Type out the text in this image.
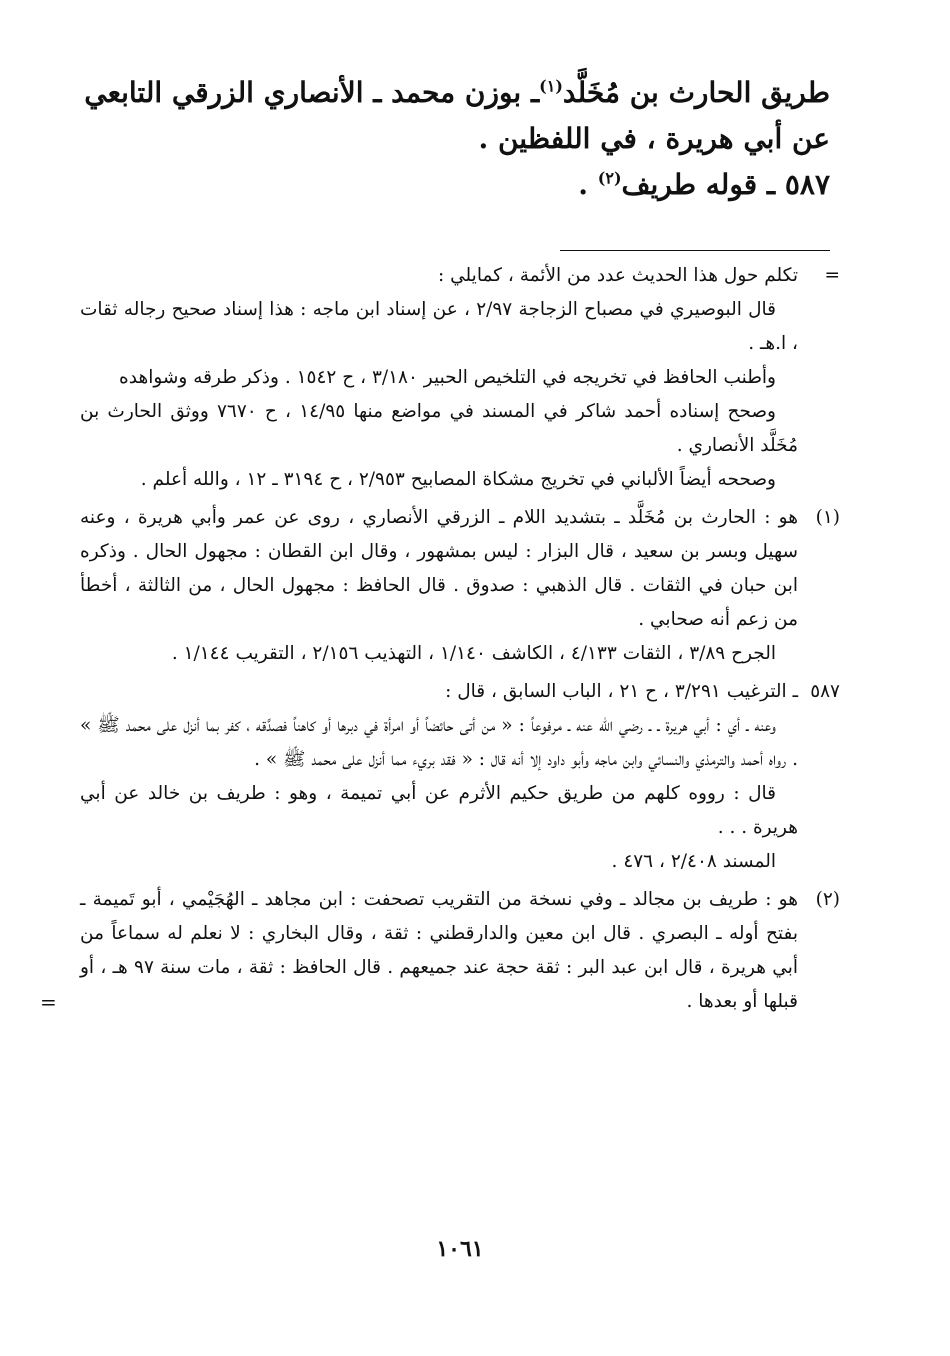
طريق الحارث بن مُخَلَّد$^{(١)}$ـ بوزن محمد ـ الأنصاري الزرقي التابعي

عن أبي هريرة ، في اللفظين .

٥٨٧ ـ قوله طريف$^{(٢)}$ .

=

تكلم حول هذا الحديث عدد من الأئمة ، كمايلي :

قال البوصيري في مصباح الزجاجة ٢/٩٧ ، عن إسناد ابن ماجه : هذا إسناد صحيح رجاله ثقات ، ا.هـ .

وأطنب الحافظ في تخريجه في التلخيص الحبير ٣/١٨٠ ، ح ١٥٤٢ . وذكر طرقه وشواهده

وصحح إسناده أحمد شاكر في المسند في مواضع منها ١٤/٩٥ ، ح ٧٦٧٠ ووثق الحارث بن مُخَلَّد الأنصاري .

وصححه أيضاً الألباني في تخريج مشكاة المصابيح ٢/٩٥٣ ، ح ٣١٩٤ ـ ١٢ ، والله أعلم .

(١)

هو : الحارث بن مُخَلَّد ـ بتشديد اللام ـ الزرقي الأنصاري ، روى عن عمر وأبي هريرة ، وعنه سهيل وبسر بن سعيد ، قال البزار : ليس بمشهور ، وقال ابن القطان : مجهول الحال . وذكره ابن حبان في الثقات . قال الذهبي : صدوق . قال الحافظ : مجهول الحال ، من الثالثة ، أخطأ من زعم أنه صحابي .

الجرح ٣/٨٩ ، الثقات ٤/١٣٣ ، الكاشف ١/١٤٠ ، التهذيب ٢/١٥٦ ، التقريب ١/١٤٤ .

٥٨٧

ـ الترغيب ٣/٢٩١ ، ح ٢١ ، الباب السابق ، قال :

وعنه ـ أي : أبي هريرة ـ ـ رضي الله عنه ـ مرفوعاً : « من أتى حائضاً أو امرأة في دبرها أو كاهناً فصدَّقه ، كفر بما أنزل على محمد ﷺ » . رواه أحمد والترمذي والنسائي وابن ماجه وأبو داود إلا أنه قال : « فقد بريء مما أنزل على محمد ﷺ » .

قال : رووه كلهم من طريق حكيم الأثرم عن أبي تميمة ، وهو : طريف بن خالد عن أبي هريرة . . .

المسند ٢/٤٠٨ ، ٤٧٦ .

(٢)

هو : طريف بن مجالد ـ وفي نسخة من التقريب تصحفت : ابن مجاهد ـ الهُجَيْمي ، أبو تَميمة ـ بفتح أوله ـ البصري . قال ابن معين والدارقطني : ثقة ، وقال البخاري : لا نعلم له سماعاً من أبي هريرة ، قال ابن عبد البر : ثقة حجة عند جميعهم . قال الحافظ : ثقة ، مات سنة ٩٧ هـ ، أو قبلها أو بعدها .

=
١٠٦١
